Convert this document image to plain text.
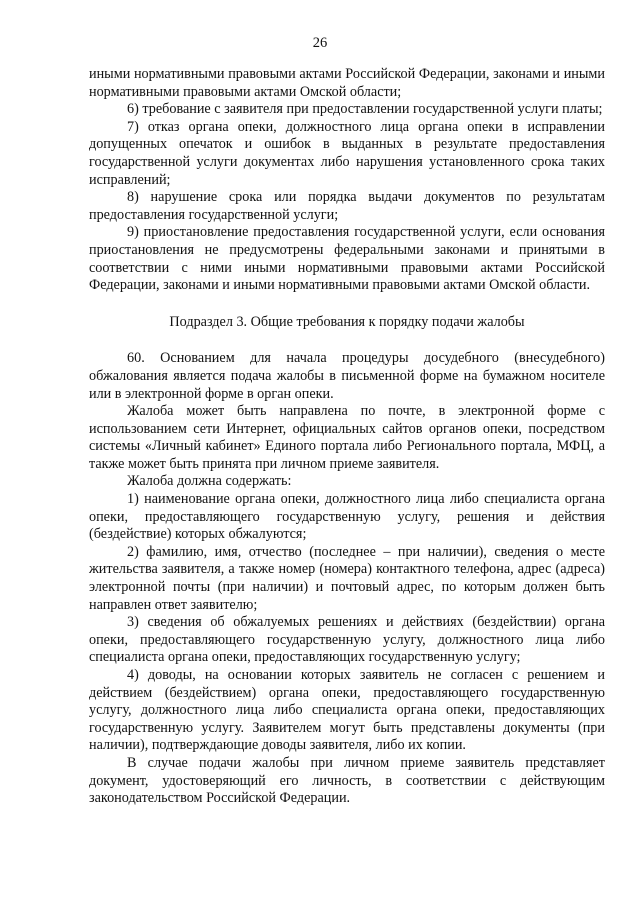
26

иными нормативными правовыми актами Российской Федерации, законами и иными нормативными правовыми актами Омской области;

6) требование с заявителя при предоставлении государственной услуги платы;

7) отказ органа опеки, должностного лица органа опеки в исправлении допущенных опечаток и ошибок в выданных в результате предоставления государственной услуги документах либо нарушения установленного срока таких исправлений;

8) нарушение срока или порядка выдачи документов по результатам предоставления государственной услуги;

9) приостановление предоставления государственной услуги, если основания приостановления не предусмотрены федеральными законами и принятыми в соответствии с ними иными нормативными правовыми актами Российской Федерации, законами и иными нормативными правовыми актами Омской области.

Подраздел 3. Общие требования к порядку подачи жалобы

60. Основанием для начала процедуры досудебного (внесудебного) обжалования является подача жалобы в письменной форме на бумажном носителе или в электронной форме в орган опеки.

Жалоба может быть направлена по почте, в электронной форме с использованием сети Интернет, официальных сайтов органов опеки, посредством системы «Личный кабинет» Единого портала либо Регионального портала, МФЦ, а также может быть принята при личном приеме заявителя.

Жалоба должна содержать:

1) наименование органа опеки, должностного лица либо специалиста органа опеки, предоставляющего государственную услугу, решения и действия (бездействие) которых обжалуются;

2) фамилию, имя, отчество (последнее – при наличии), сведения о месте жительства заявителя, а также номер (номера) контактного телефона, адрес (адреса) электронной почты (при наличии) и почтовый адрес, по которым должен быть направлен ответ заявителю;

3) сведения об обжалуемых решениях и действиях (бездействии) органа опеки, предоставляющего государственную услугу, должностного лица либо специалиста органа опеки, предоставляющих государственную услугу;

4) доводы, на основании которых заявитель не согласен с решением и действием (бездействием) органа опеки, предоставляющего государственную услугу, должностного лица либо специалиста органа опеки, предоставляющих государственную услугу. Заявителем могут быть представлены документы (при наличии), подтверждающие доводы заявителя, либо их копии.

В случае подачи жалобы при личном приеме заявитель представляет документ, удостоверяющий его личность, в соответствии с действующим законодательством Российской Федерации.
